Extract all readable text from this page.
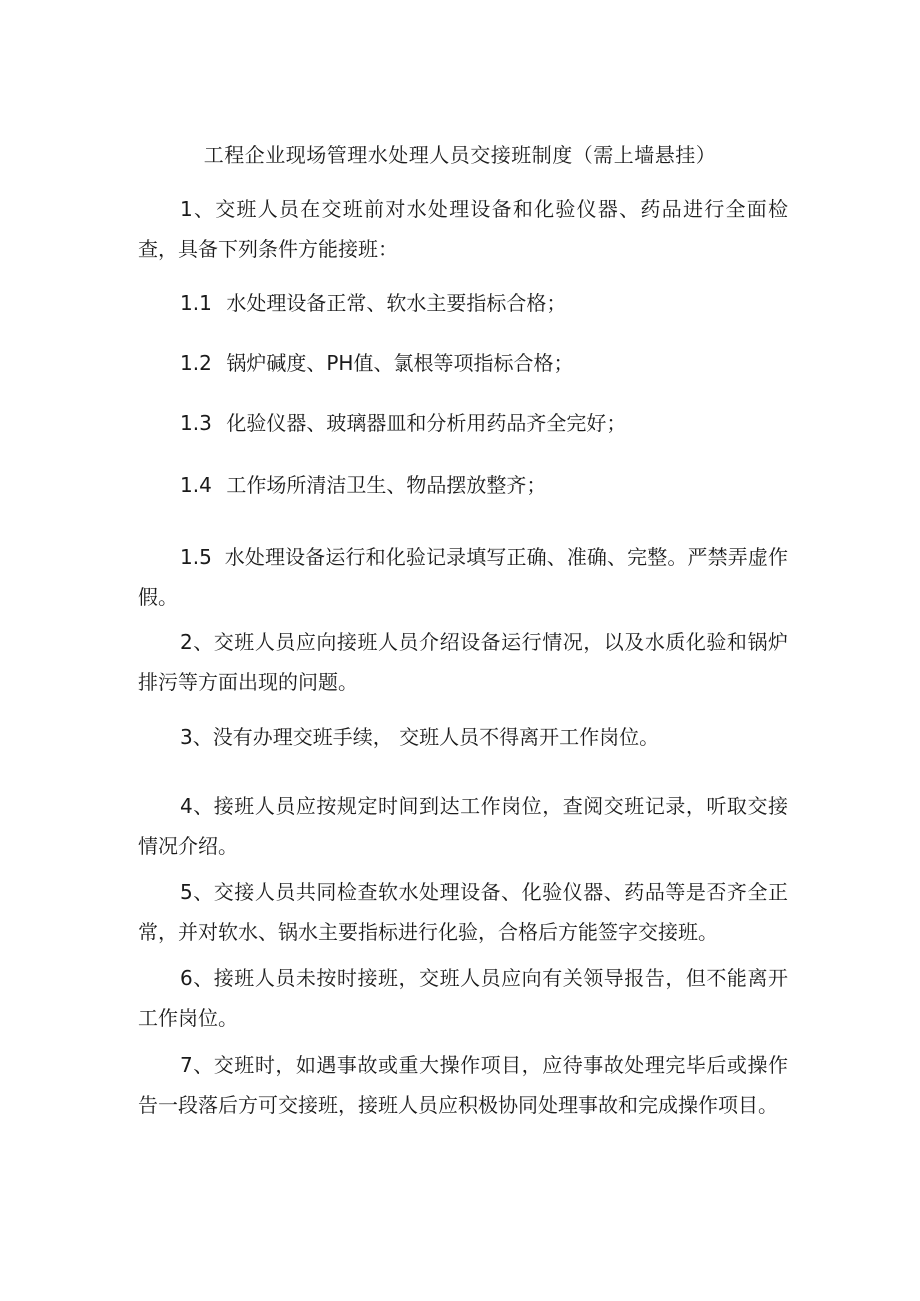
工程企业现场管理水处理人员交接班制度（需上墙悬挂）
1、交班人员在交班前对水处理设备和化验仪器、药品进行全面检查，具备下列条件方能接班：
1.1 水处理设备正常、软水主要指标合格；
1.2 锅炉碱度、PH值、氯根等项指标合格；
1.3 化验仪器、玻璃器皿和分析用药品齐全完好；
1.4 工作场所清洁卫生、物品摆放整齐；
1.5 水处理设备运行和化验记录填写正确、准确、完整。严禁弄虚作假。
2、交班人员应向接班人员介绍设备运行情况，以及水质化验和锅炉排污等方面出现的问题。
3、没有办理交班手续， 交班人员不得离开工作岗位。
4、接班人员应按规定时间到达工作岗位，查阅交班记录，听取交接情况介绍。
5、交接人员共同检查软水处理设备、化验仪器、药品等是否齐全正常，并对软水、锅水主要指标进行化验，合格后方能签字交接班。
6、接班人员未按时接班，交班人员应向有关领导报告，但不能离开工作岗位。
7、交班时，如遇事故或重大操作项目，应待事故处理完毕后或操作告一段落后方可交接班，接班人员应积极协同处理事故和完成操作项目。
